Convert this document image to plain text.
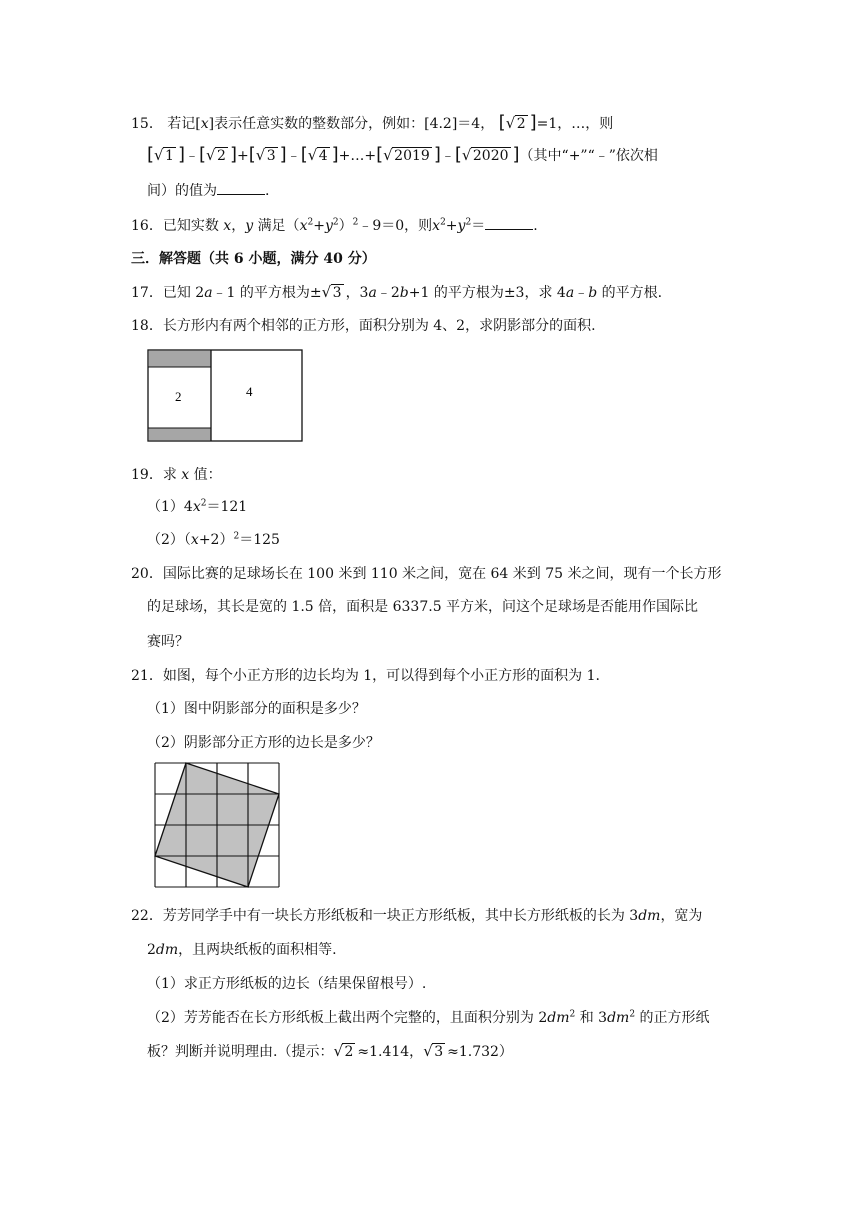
15． 若记[x]表示任意实数的整数部分，例如：[4.2]＝4， [ √ 2 ]=1，…，则
[ √ 1 ]﹣[ √ 2 ]+[ √ 3 ]﹣[ √ 4 ]+…+[ √ 2019 ]﹣[ √ 2020 ]（其中“+”“﹣”依次相
间）的值为	.
16．已知实数 x，y 满足$(x^2+y^2)^2﹣9=0$，则$x^2+y^2=$	.
三．解答题（共 6 小题，满分 40 分）
17．已知 2a﹣1 的平方根为± √ 3 ，3a﹣2b+1 的平方根为±3，求 4a﹣b 的平方根.
18．长方形内有两个相邻的正方形，面积分别为 4、2，求阴影部分的面积.
2	4
19．求 x 值：
$(1)4x^2=121$
$(2)(x+2)^2=125$
20．国际比赛的足球场长在 100 米到 110 米之间，宽在 64 米到 75 米之间，现有一个长方形
的足球场，其长是宽的 1.5 倍，面积是 6337.5 平方米，问这个足球场是否能用作国际比
赛吗？
21．如图，每个小正方形的边长均为 1，可以得到每个小正方形的面积为 1.
（1）图中阴影部分的面积是多少？
（2）阴影部分正方形的边长是多少？
22．芳芳同学手中有一块长方形纸板和一块正方形纸板，其中长方形纸板的长为 3dm，宽为
2dm，且两块纸板的面积相等.
（1）求正方形纸板的边长（结果保留根号）.
（2）芳芳能否在长方形纸板上截出两个完整的，且面积分别为 $2dm^2$ 和 $3dm^2$ 的正方形纸
板？判断并说明理由.（提示： √ 2 ≈1.414， √ 3 ≈1.732）
